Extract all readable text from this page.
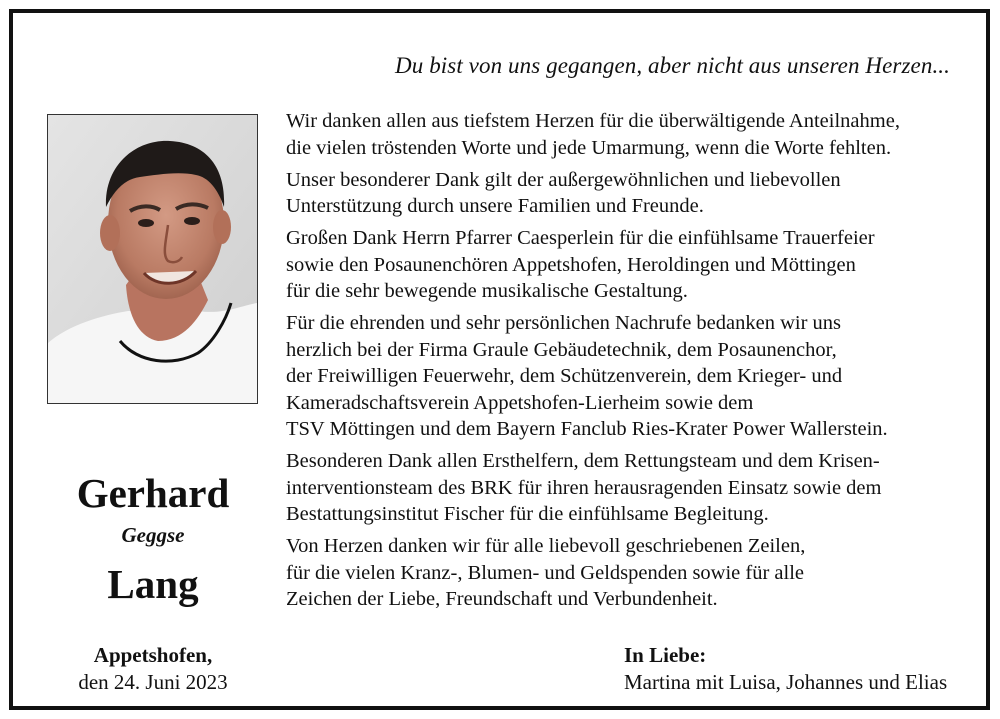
Du bist von uns gegangen, aber nicht aus unseren Herzen...
Gerhard
Geggse
Lang
Appetshofen,
den 24. Juni 2023
Wir danken allen aus tiefstem Herzen für die überwältigende Anteilnahme,
die vielen tröstenden Worte und jede Umarmung, wenn die Worte fehlten.
Unser besonderer Dank gilt der außergewöhnlichen und liebevollen
Unterstützung durch unsere Familien und Freunde.
Großen Dank Herrn Pfarrer Caesperlein für die einfühlsame Trauerfeier
sowie den Posaunenchören Appetshofen, Heroldingen und Möttingen
für die sehr bewegende musikalische Gestaltung.
Für die ehrenden und sehr persönlichen Nachrufe bedanken wir uns
herzlich bei der Firma Graule Gebäudetechnik, dem Posaunenchor,
der Freiwilligen Feuerwehr, dem Schützenverein, dem Krieger- und
Kameradschaftsverein Appetshofen-Lierheim sowie dem
TSV Möttingen und dem Bayern Fanclub Ries-Krater Power Wallerstein.
Besonderen Dank allen Ersthelfern, dem Rettungsteam und dem Krisen-
interventionsteam des BRK für ihren herausragenden Einsatz sowie dem
Bestattungsinstitut Fischer für die einfühlsame Begleitung.
Von Herzen danken wir für alle liebevoll geschriebenen Zeilen,
für die vielen Kranz-, Blumen- und Geldspenden sowie für alle
Zeichen der Liebe, Freundschaft und Verbundenheit.
In Liebe:
Martina mit Luisa, Johannes und Elias
